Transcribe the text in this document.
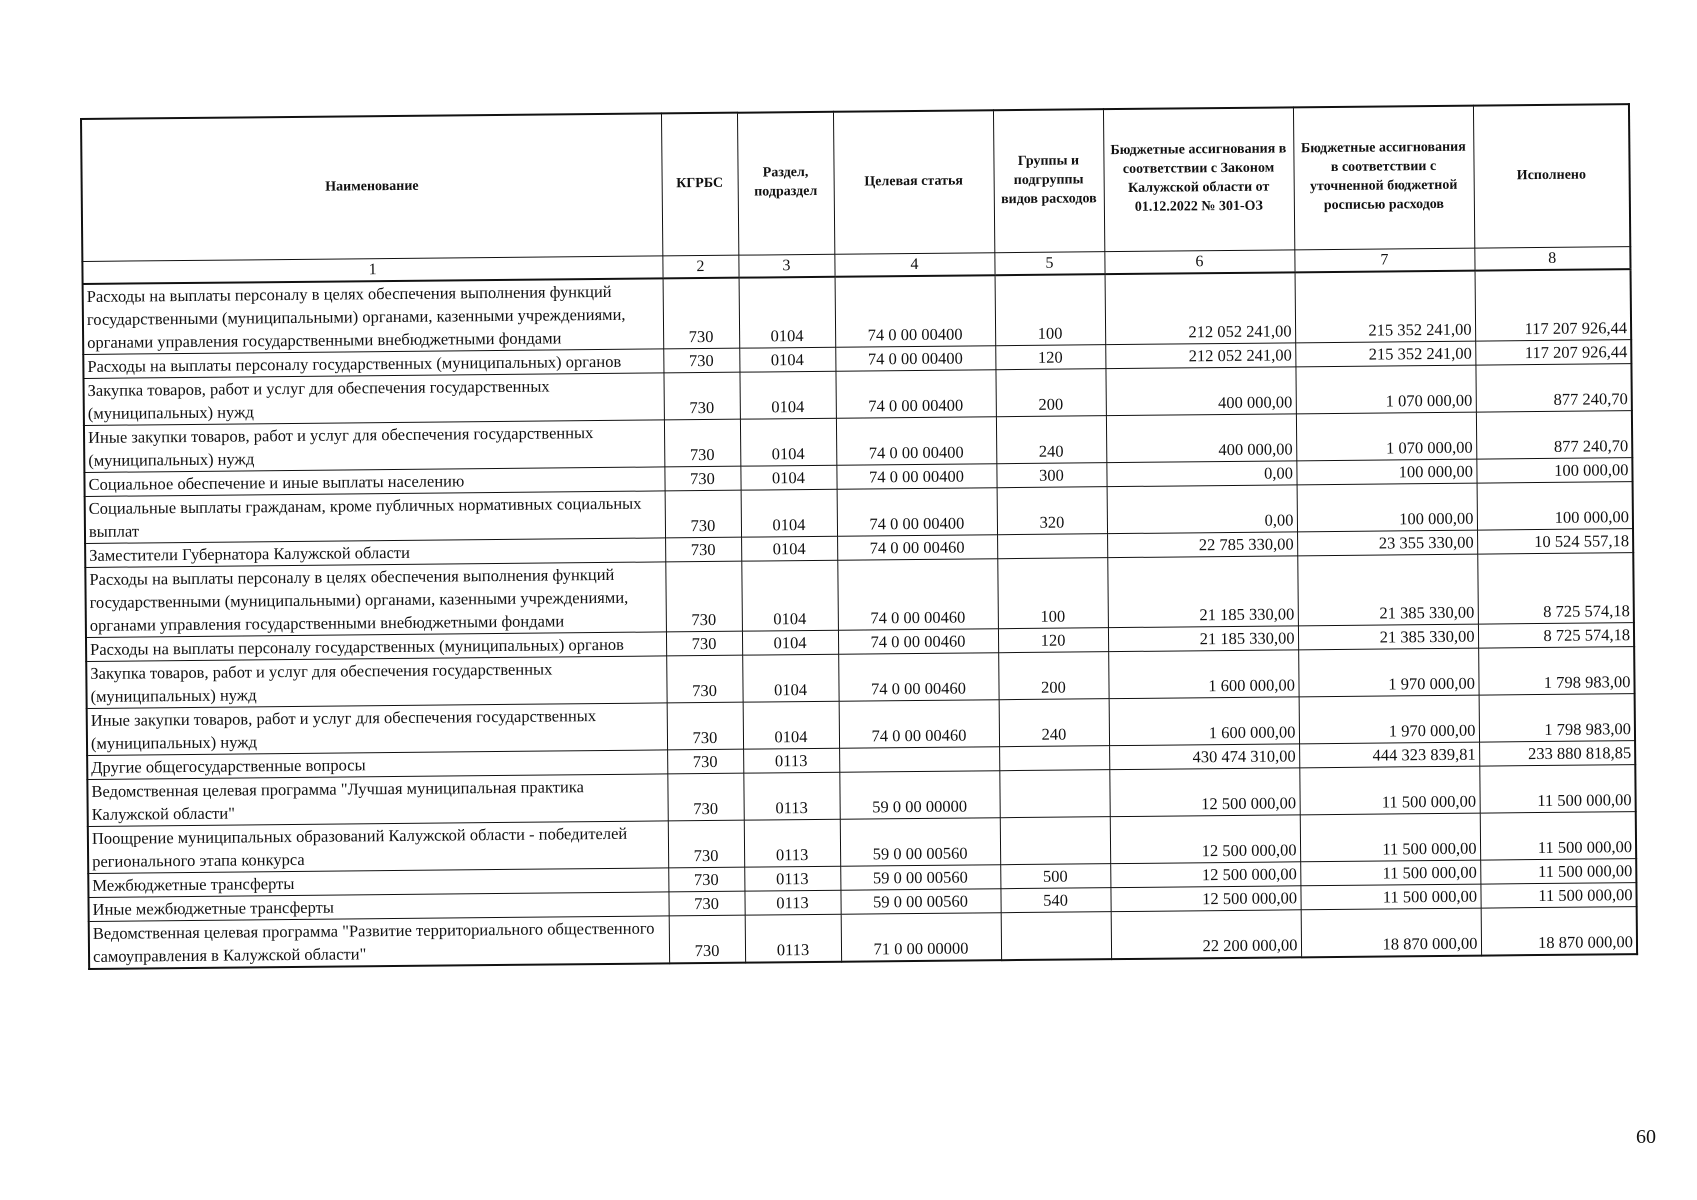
Наименование	КГРБС	Раздел, подраздел	Целевая статья	Группы и подгруппы видов расходов	Бюджетные ассигнования в соответствии с Законом Калужской области от 01.12.2022 № 301-ОЗ	Бюджетные ассигнования в соответствии с уточненной бюджетной росписью расходов	Исполнено
1	2	3	4	5	6	7	8
Расходы на выплаты персоналу в целях обеспечения выполнения функций государственными (муниципальными) органами, казенными учреждениями, органами управления государственными внебюджетными фондами	730	0104	74 0 00 00400	100	212 052 241,00	215 352 241,00	117 207 926,44
Расходы на выплаты персоналу государственных (муниципальных) органов	730	0104	74 0 00 00400	120	212 052 241,00	215 352 241,00	117 207 926,44
Закупка товаров, работ и услуг для обеспечения государственных (муниципальных) нужд	730	0104	74 0 00 00400	200	400 000,00	1 070 000,00	877 240,70
Иные закупки товаров, работ и услуг для обеспечения государственных (муниципальных) нужд	730	0104	74 0 00 00400	240	400 000,00	1 070 000,00	877 240,70
Социальное обеспечение и иные выплаты населению	730	0104	74 0 00 00400	300	0,00	100 000,00	100 000,00
Социальные выплаты гражданам, кроме публичных нормативных социальных выплат	730	0104	74 0 00 00400	320	0,00	100 000,00	100 000,00
Заместители Губернатора Калужской области	730	0104	74 0 00 00460		22 785 330,00	23 355 330,00	10 524 557,18
Расходы на выплаты персоналу в целях обеспечения выполнения функций государственными (муниципальными) органами, казенными учреждениями, органами управления государственными внебюджетными фондами	730	0104	74 0 00 00460	100	21 185 330,00	21 385 330,00	8 725 574,18
Расходы на выплаты персоналу государственных (муниципальных) органов	730	0104	74 0 00 00460	120	21 185 330,00	21 385 330,00	8 725 574,18
Закупка товаров, работ и услуг для обеспечения государственных (муниципальных) нужд	730	0104	74 0 00 00460	200	1 600 000,00	1 970 000,00	1 798 983,00
Иные закупки товаров, работ и услуг для обеспечения государственных (муниципальных) нужд	730	0104	74 0 00 00460	240	1 600 000,00	1 970 000,00	1 798 983,00
Другие общегосударственные вопросы	730	0113			430 474 310,00	444 323 839,81	233 880 818,85
Ведомственная целевая программа "Лучшая муниципальная практика Калужской области"	730	0113	59 0 00 00000		12 500 000,00	11 500 000,00	11 500 000,00
Поощрение муниципальных образований Калужской области - победителей регионального этапа конкурса	730	0113	59 0 00 00560		12 500 000,00	11 500 000,00	11 500 000,00
Межбюджетные трансферты	730	0113	59 0 00 00560	500	12 500 000,00	11 500 000,00	11 500 000,00
Иные межбюджетные трансферты	730	0113	59 0 00 00560	540	12 500 000,00	11 500 000,00	11 500 000,00
Ведомственная целевая программа "Развитие территориального общественного самоуправления в Калужской области"	730	0113	71 0 00 00000		22 200 000,00	18 870 000,00	18 870 000,00
60
